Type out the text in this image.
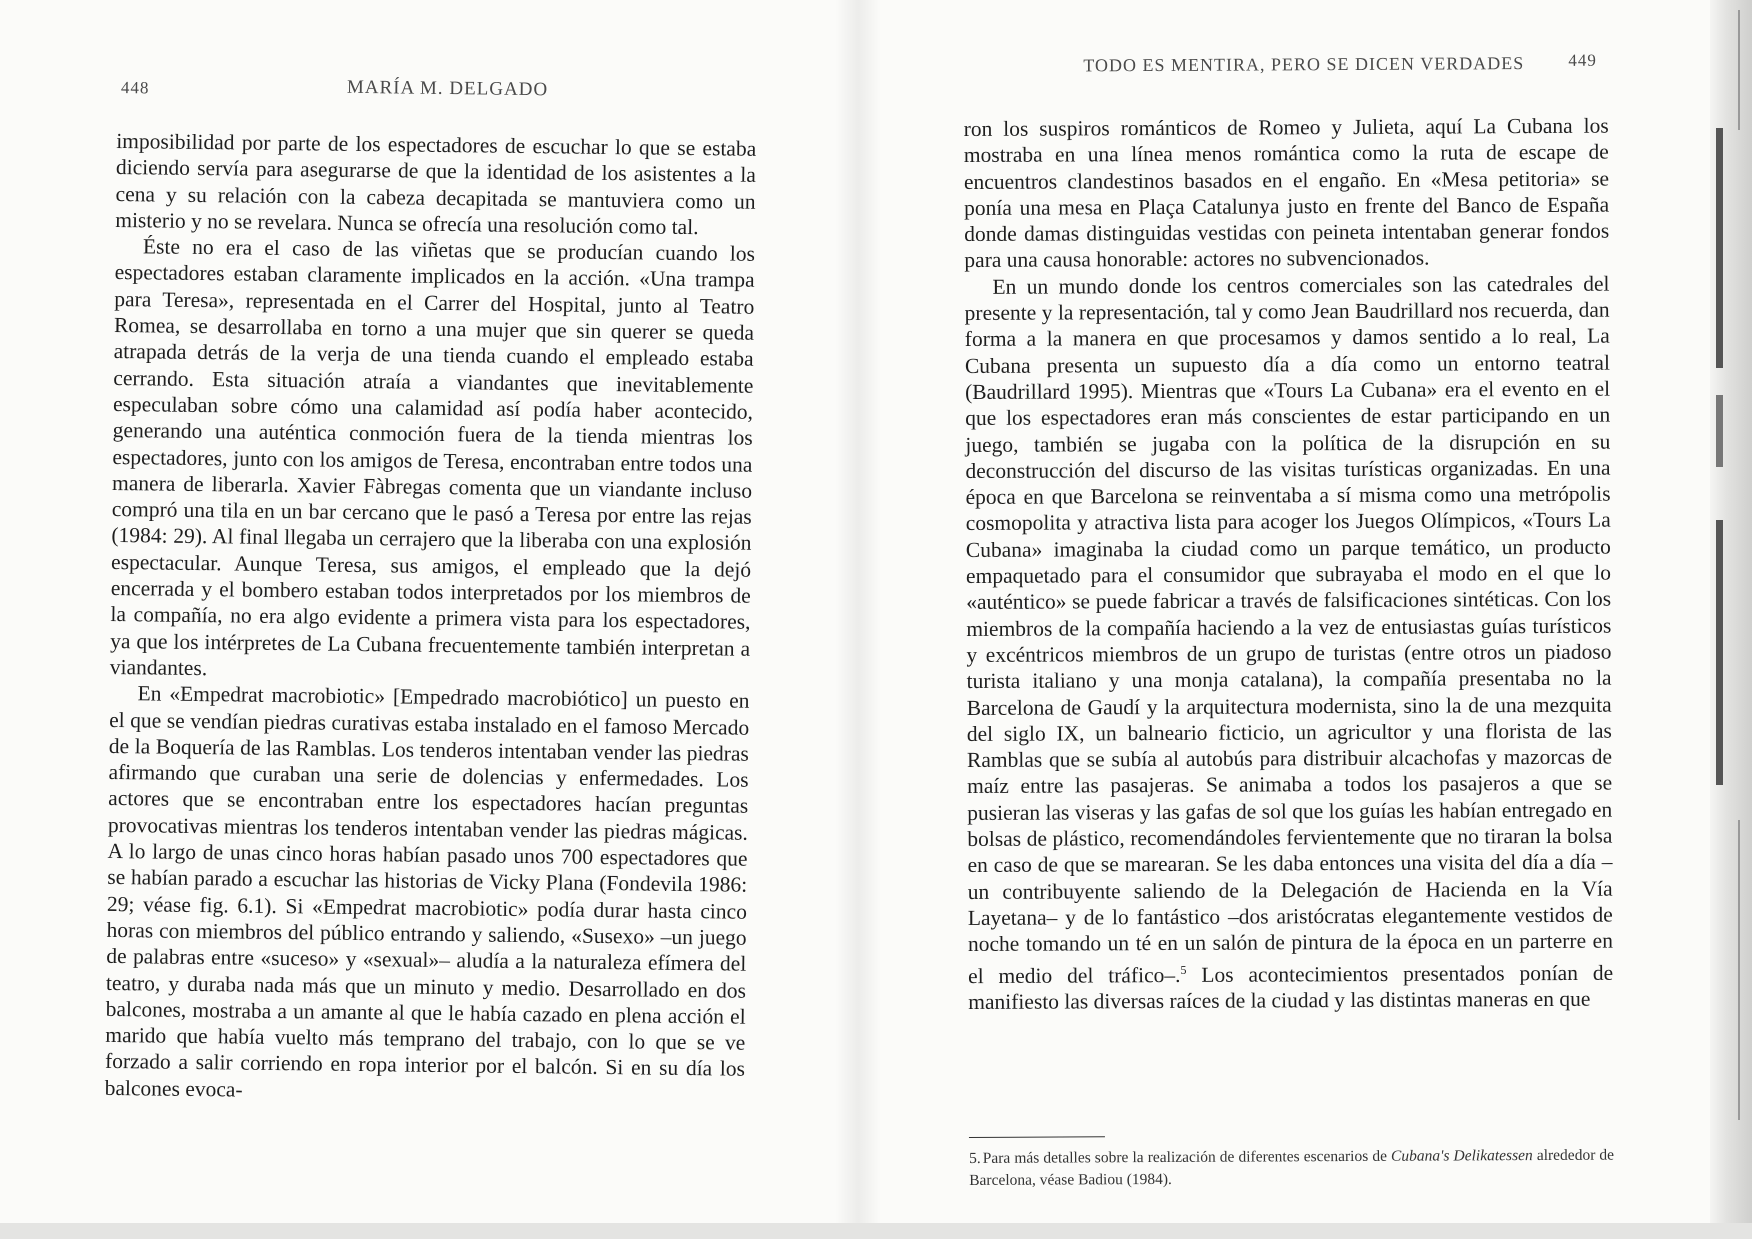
448	MARÍA M. DELGADO

imposibilidad por parte de los espectadores de escuchar lo que se estaba diciendo servía para asegurarse de que la identidad de los asistentes a la cena y su relación con la cabeza decapitada se mantuviera como un misterio y no se revelara. Nunca se ofrecía una resolución como tal.

Éste no era el caso de las viñetas que se producían cuando los espectadores estaban claramente implicados en la acción. «Una trampa para Teresa», representada en el Carrer del Hospital, junto al Teatro Romea, se desarrollaba en torno a una mujer que sin querer se queda atrapada detrás de la verja de una tienda cuando el empleado estaba cerrando. Esta situación atraía a viandantes que inevitablemente especulaban sobre cómo una calamidad así podía haber acontecido, generando una auténtica conmoción fuera de la tienda mientras los espectadores, junto con los amigos de Teresa, encontraban entre todos una manera de liberarla. Xavier Fàbregas comenta que un viandante incluso compró una tila en un bar cercano que le pasó a Teresa por entre las rejas (1984: 29). Al final llegaba un cerrajero que la liberaba con una explosión espectacular. Aunque Teresa, sus amigos, el empleado que la dejó encerrada y el bombero estaban todos interpretados por los miembros de la compañía, no era algo evidente a primera vista para los espectadores, ya que los intérpretes de La Cubana frecuentemente también interpretan a viandantes.

En «Empedrat macrobiotic» [Empedrado macrobiótico] un puesto en el que se vendían piedras curativas estaba instalado en el famoso Mercado de la Boquería de las Ramblas. Los tenderos intentaban vender las piedras afirmando que curaban una serie de dolencias y enfermedades. Los actores que se encontraban entre los espectadores hacían preguntas provocativas mientras los tenderos intentaban vender las piedras mágicas. A lo largo de unas cinco horas habían pasado unos 700 espectadores que se habían parado a escuchar las historias de Vicky Plana (Fondevila 1986: 29; véase fig. 6.1). Si «Empedrat macrobiotic» podía durar hasta cinco horas con miembros del público entrando y saliendo, «Susexo» –un juego de palabras entre «suceso» y «sexual»– aludía a la naturaleza efímera del teatro, y duraba nada más que un minuto y medio. Desarrollado en dos balcones, mostraba a un amante al que le había cazado en plena acción el marido que había vuelto más temprano del trabajo, con lo que se ve forzado a salir corriendo en ropa interior por el balcón. Si en su día los balcones evoca-

TODO ES MENTIRA, PERO SE DICEN VERDADES	449

ron los suspiros románticos de Romeo y Julieta, aquí La Cubana los mostraba en una línea menos romántica como la ruta de escape de encuentros clandestinos basados en el engaño. En «Mesa petitoria» se ponía una mesa en Plaça Catalunya justo en frente del Banco de España donde damas distinguidas vestidas con peineta intentaban generar fondos para una causa honorable: actores no subvencionados.

En un mundo donde los centros comerciales son las catedrales del presente y la representación, tal y como Jean Baudrillard nos recuerda, dan forma a la manera en que procesamos y damos sentido a lo real, La Cubana presenta un supuesto día a día como un entorno teatral (Baudrillard 1995). Mientras que «Tours La Cubana» era el evento en el que los espectadores eran más conscientes de estar participando en un juego, también se jugaba con la política de la disrupción en su deconstrucción del discurso de las visitas turísticas organizadas. En una época en que Barcelona se reinventaba a sí misma como una metrópolis cosmopolita y atractiva lista para acoger los Juegos Olímpicos, «Tours La Cubana» imaginaba la ciudad como un parque temático, un producto empaquetado para el consumidor que subrayaba el modo en el que lo «auténtico» se puede fabricar a través de falsificaciones sintéticas. Con los miembros de la compañía haciendo a la vez de entusiastas guías turísticos y excéntricos miembros de un grupo de turistas (entre otros un piadoso turista italiano y una monja catalana), la compañía presentaba no la Barcelona de Gaudí y la arquitectura modernista, sino la de una mezquita del siglo IX, un balneario ficticio, un agricultor y una florista de las Ramblas que se subía al autobús para distribuir alcachofas y mazorcas de maíz entre las pasajeras. Se animaba a todos los pasajeros a que se pusieran las viseras y las gafas de sol que los guías les habían entregado en bolsas de plástico, recomendándoles fervientemente que no tiraran la bolsa en caso de que se marearan. Se les daba entonces una visita del día a día –un contribuyente saliendo de la Delegación de Hacienda en la Vía Layetana– y de lo fantástico –dos aristócratas elegantemente vestidos de noche tomando un té en un salón de pintura de la época en un parterre en el medio del tráfico–.$^5$ Los acontecimientos presentados ponían de manifiesto las diversas raíces de la ciudad y las distintas maneras en que

5. Para más detalles sobre la realización de diferentes escenarios de Cubana's Delikatessen alrededor de Barcelona, véase Badiou (1984).
